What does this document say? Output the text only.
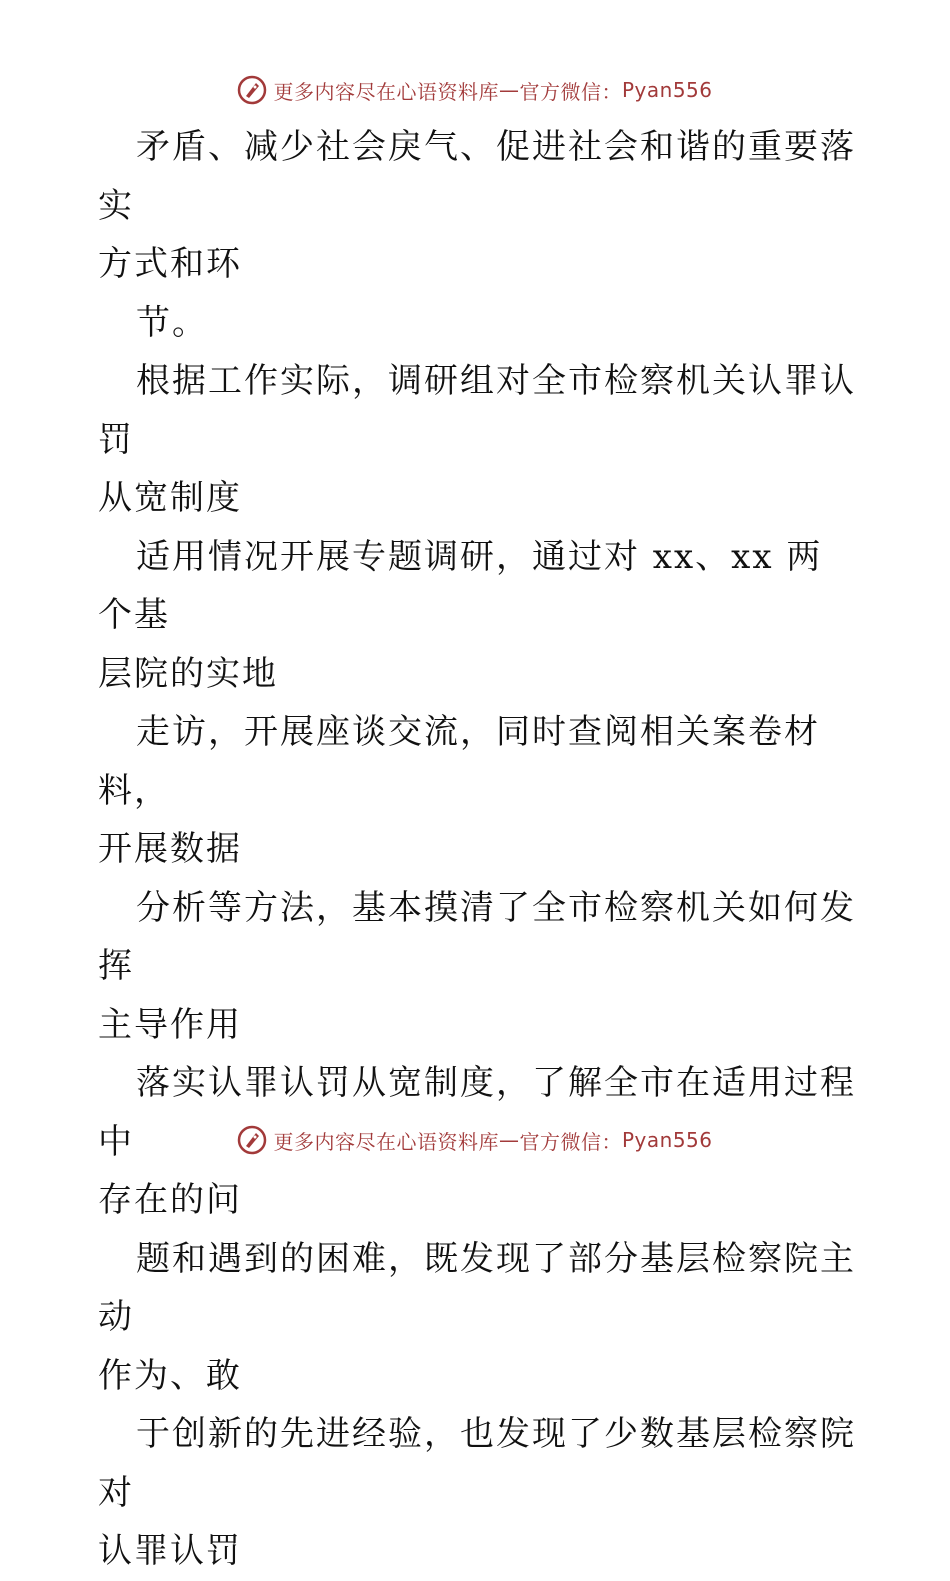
更多内容尽在心语资料库 — 官方微信： Pyan556
矛盾、减少社会戾气、促进社会和谐的重要落实
方式和环
节。
根据工作实际，调研组对全市检察机关认罪认罚
从宽制度
适用情况开展专题调研，通过对 xx、xx 两个基
层院的实地
走访，开展座谈交流，同时查阅相关案卷材料，
开展数据
分析等方法，基本摸清了全市检察机关如何发挥
主导作用
落实认罪认罚从宽制度，了解全市在适用过程中
存在的问
题和遇到的困难，既发现了部分基层检察院主动
作为、敢
于创新的先进经验，也发现了少数基层检察院对
认罪认罚
更多内容尽在心语资料库 — 官方微信： Pyan556
